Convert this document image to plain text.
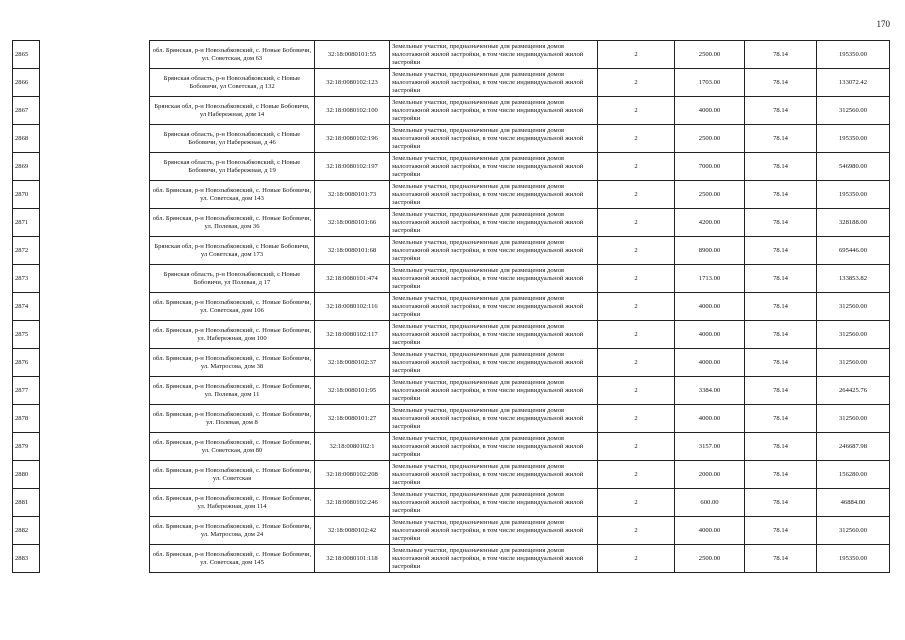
170
2865		обл. Брянская, р-н Новозыбковский, с. Новые Бобовичи, ул. Советская, дом 63	32:18:0080101:55	Земельные участки, предназначенные для размещения домов малоэтажной жилой застройки, в том числе индивидуальной жилой застройки	2	2500.00	78.14	195350.00
2866		Брянская область, р-н Новозыбковский, с Новые Бобовичи, ул Советская, д 132	32:18:0080102:123	Земельные участки, предназначенные для размещения домов малоэтажной жилой застройки, в том числе индивидуальной жилой застройки	2	1703.00	78.14	133072.42
2867		Брянская обл, р-н Новозыбковский, с Новые Бобовичи, ул Набережная, дом 14	32:18:0080102:100	Земельные участки, предназначенные для размещения домов малоэтажной жилой застройки, в том числе индивидуальной жилой застройки	2	4000.00	78.14	312560.00
2868		Брянская область, р-н Новозыбковский, с Новые Бобовичи, ул Набережная, д 46	32:18:0080102:196	Земельные участки, предназначенные для размещения домов малоэтажной жилой застройки, в том числе индивидуальной жилой застройки	2	2500.00	78.14	195350.00
2869		Брянская область, р-н Новозыбковский, с Новые Бобовичи, ул Набережная, д 19	32:18:0080102:197	Земельные участки, предназначенные для размещения домов малоэтажной жилой застройки, в том числе индивидуальной жилой застройки	2	7000.00	78.14	546980.00
2870		обл. Брянская, р-н Новозыбковский, с. Новые Бобовичи, ул. Советская, дом 143	32:18:0080101:73	Земельные участки, предназначенные для размещения домов малоэтажной жилой застройки, в том числе индивидуальной жилой застройки	2	2500.00	78.14	195350.00
2871		обл. Брянская, р-н Новозыбковский, с. Новые Бобовичи, ул. Полевая, дом 36	32:18:0080101:66	Земельные участки, предназначенные для размещения домов малоэтажной жилой застройки, в том числе индивидуальной жилой застройки	2	4200.00	78.14	328188.00
2872		Брянская обл, р-н Новозыбковский, с Новые Бобовичи, ул Советская, дом 173	32:18:0080101:68	Земельные участки, предназначенные для размещения домов малоэтажной жилой застройки, в том числе индивидуальной жилой застройки	2	8900.00	78.14	695446.00
2873		Брянская область, р-н Новозыбковский, с Новые Бобовичи, ул Полевая, д 17	32:18:0080101:474	Земельные участки, предназначенные для размещения домов малоэтажной жилой застройки, в том числе индивидуальной жилой застройки	2	1713.00	78.14	133853.82
2874		обл. Брянская, р-н Новозыбковский, с. Новые Бобовичи, ул. Советская, дом 106	32:18:0080102:116	Земельные участки, предназначенные для размещения домов малоэтажной жилой застройки, в том числе индивидуальной жилой застройки	2	4000.00	78.14	312560.00
2875		обл. Брянская, р-н Новозыбковский, с. Новые Бобовичи, ул. Набережная, дом 100	32:18:0080102:117	Земельные участки, предназначенные для размещения домов малоэтажной жилой застройки, в том числе индивидуальной жилой застройки	2	4000.00	78.14	312560.00
2876		обл. Брянская, р-н Новозыбковский, с. Новые Бобовичи, ул. Матросова, дом 38	32:18:0080102:37	Земельные участки, предназначенные для размещения домов малоэтажной жилой застройки, в том числе индивидуальной жилой застройки	2	4000.00	78.14	312560.00
2877		обл. Брянская, р-н Новозыбковский, с. Новые Бобовичи, ул. Полевая, дом 11	32:18:0080101:95	Земельные участки, предназначенные для размещения домов малоэтажной жилой застройки, в том числе индивидуальной жилой застройки	2	3384.00	78.14	264425.76
2878		обл. Брянская, р-н Новозыбковский, с. Новые Бобовичи, ул. Полевая, дом 8	32:18:0080101:27	Земельные участки, предназначенные для размещения домов малоэтажной жилой застройки, в том числе индивидуальной жилой застройки	2	4000.00	78.14	312560.00
2879		обл. Брянская, р-н Новозыбковский, с. Новые Бобовичи, ул. Советская, дом 80	32:18:0080102:1	Земельные участки, предназначенные для размещения домов малоэтажной жилой застройки, в том числе индивидуальной жилой застройки	2	3157.00	78.14	246687.98
2880		обл. Брянская, р-н Новозыбковский, с. Новые Бобовичи, ул. Советская	32:18:0080102:208	Земельные участки, предназначенные для размещения домов малоэтажной жилой застройки, в том числе индивидуальной жилой застройки	2	2000.00	78.14	156280.00
2881		обл. Брянская, р-н Новозыбковский, с. Новые Бобовичи, ул. Набережная, дом 114	32:18:0080102:246	Земельные участки, предназначенные для размещения домов малоэтажной жилой застройки, в том числе индивидуальной жилой застройки	2	600.00	78.14	46884.00
2882		обл. Брянская, р-н Новозыбковский, с. Новые Бобовичи, ул. Матросова, дом 24	32:18:0080102:42	Земельные участки, предназначенные для размещения домов малоэтажной жилой застройки, в том числе индивидуальной жилой застройки	2	4000.00	78.14	312560.00
2883		обл. Брянская, р-н Новозыбковский, с. Новые Бобовичи, ул. Советская, дом 145	32:18:0080101:118	Земельные участки, предназначенные для размещения домов малоэтажной жилой застройки, в том числе индивидуальной жилой застройки	2	2500.00	78.14	195350.00
